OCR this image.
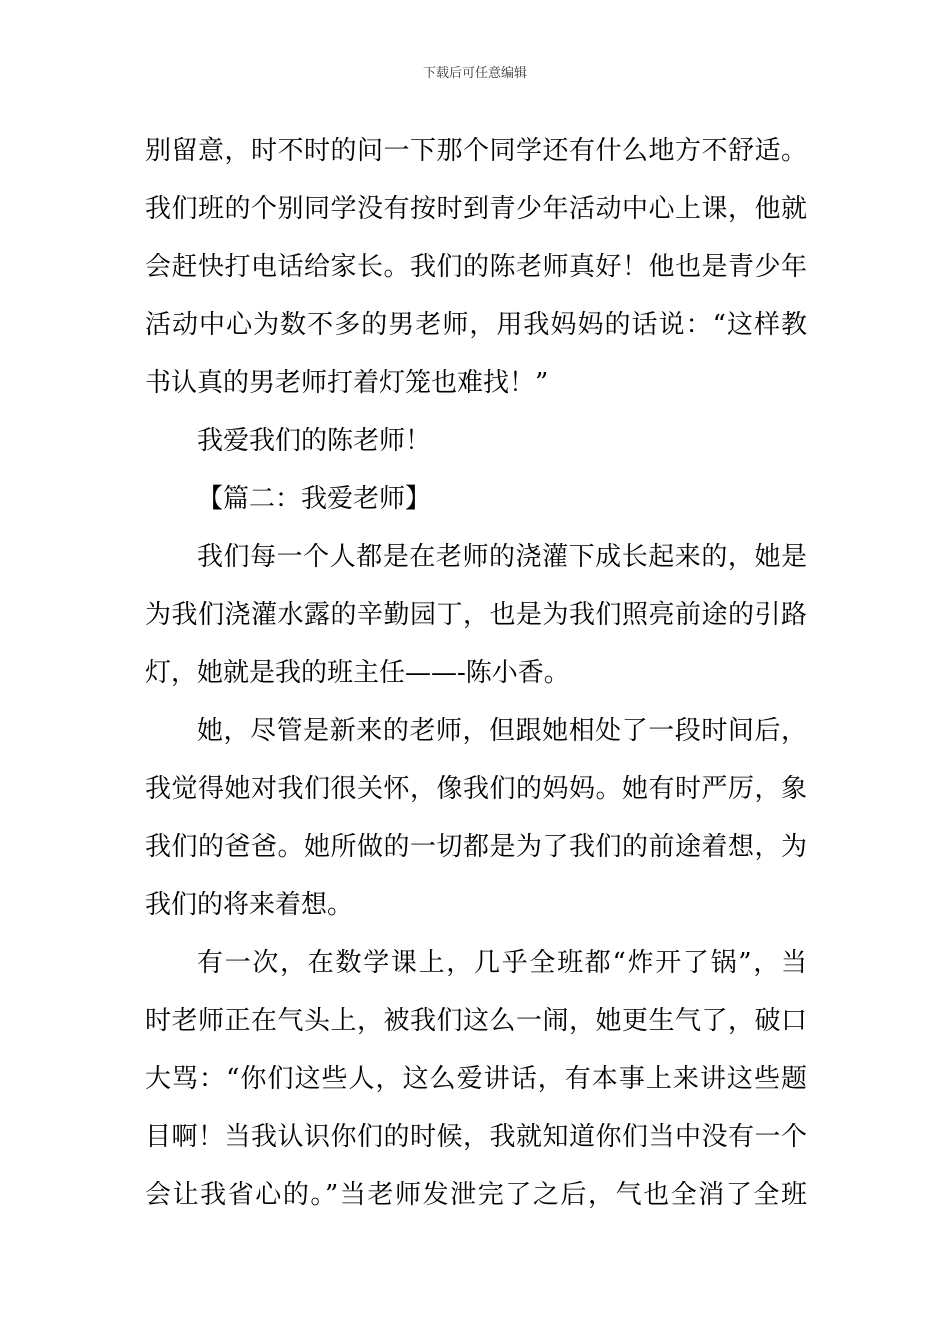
下载后可任意编辑
别留意，时不时的问一下那个同学还有什么地方不舒适。
我们班的个别同学没有按时到青少年活动中心上课，他就
会赶快打电话给家长。我们的陈老师真好！他也是青少年
活动中心为数不多的男老师，用我妈妈的话说：“这样教
书认真的男老师打着灯笼也难找！”
我爱我们的陈老师！
【篇二：我爱老师】
我们每一个人都是在老师的浇灌下成长起来的，她是
为我们浇灌水露的辛勤园丁，也是为我们照亮前途的引路
灯，她就是我的班主任——-陈小香。
她，尽管是新来的老师，但跟她相处了一段时间后，
我觉得她对我们很关怀，像我们的妈妈。她有时严厉，象
我们的爸爸。她所做的一切都是为了我们的前途着想，为
我们的将来着想。
有一次，在数学课上，几乎全班都“炸开了锅”，当
时老师正在气头上，被我们这么一闹，她更生气了，破口
大骂：“你们这些人，这么爱讲话，有本事上来讲这些题
目啊！当我认识你们的时候，我就知道你们当中没有一个
会让我省心的。”当老师发泄完了之后，气也全消了全班
